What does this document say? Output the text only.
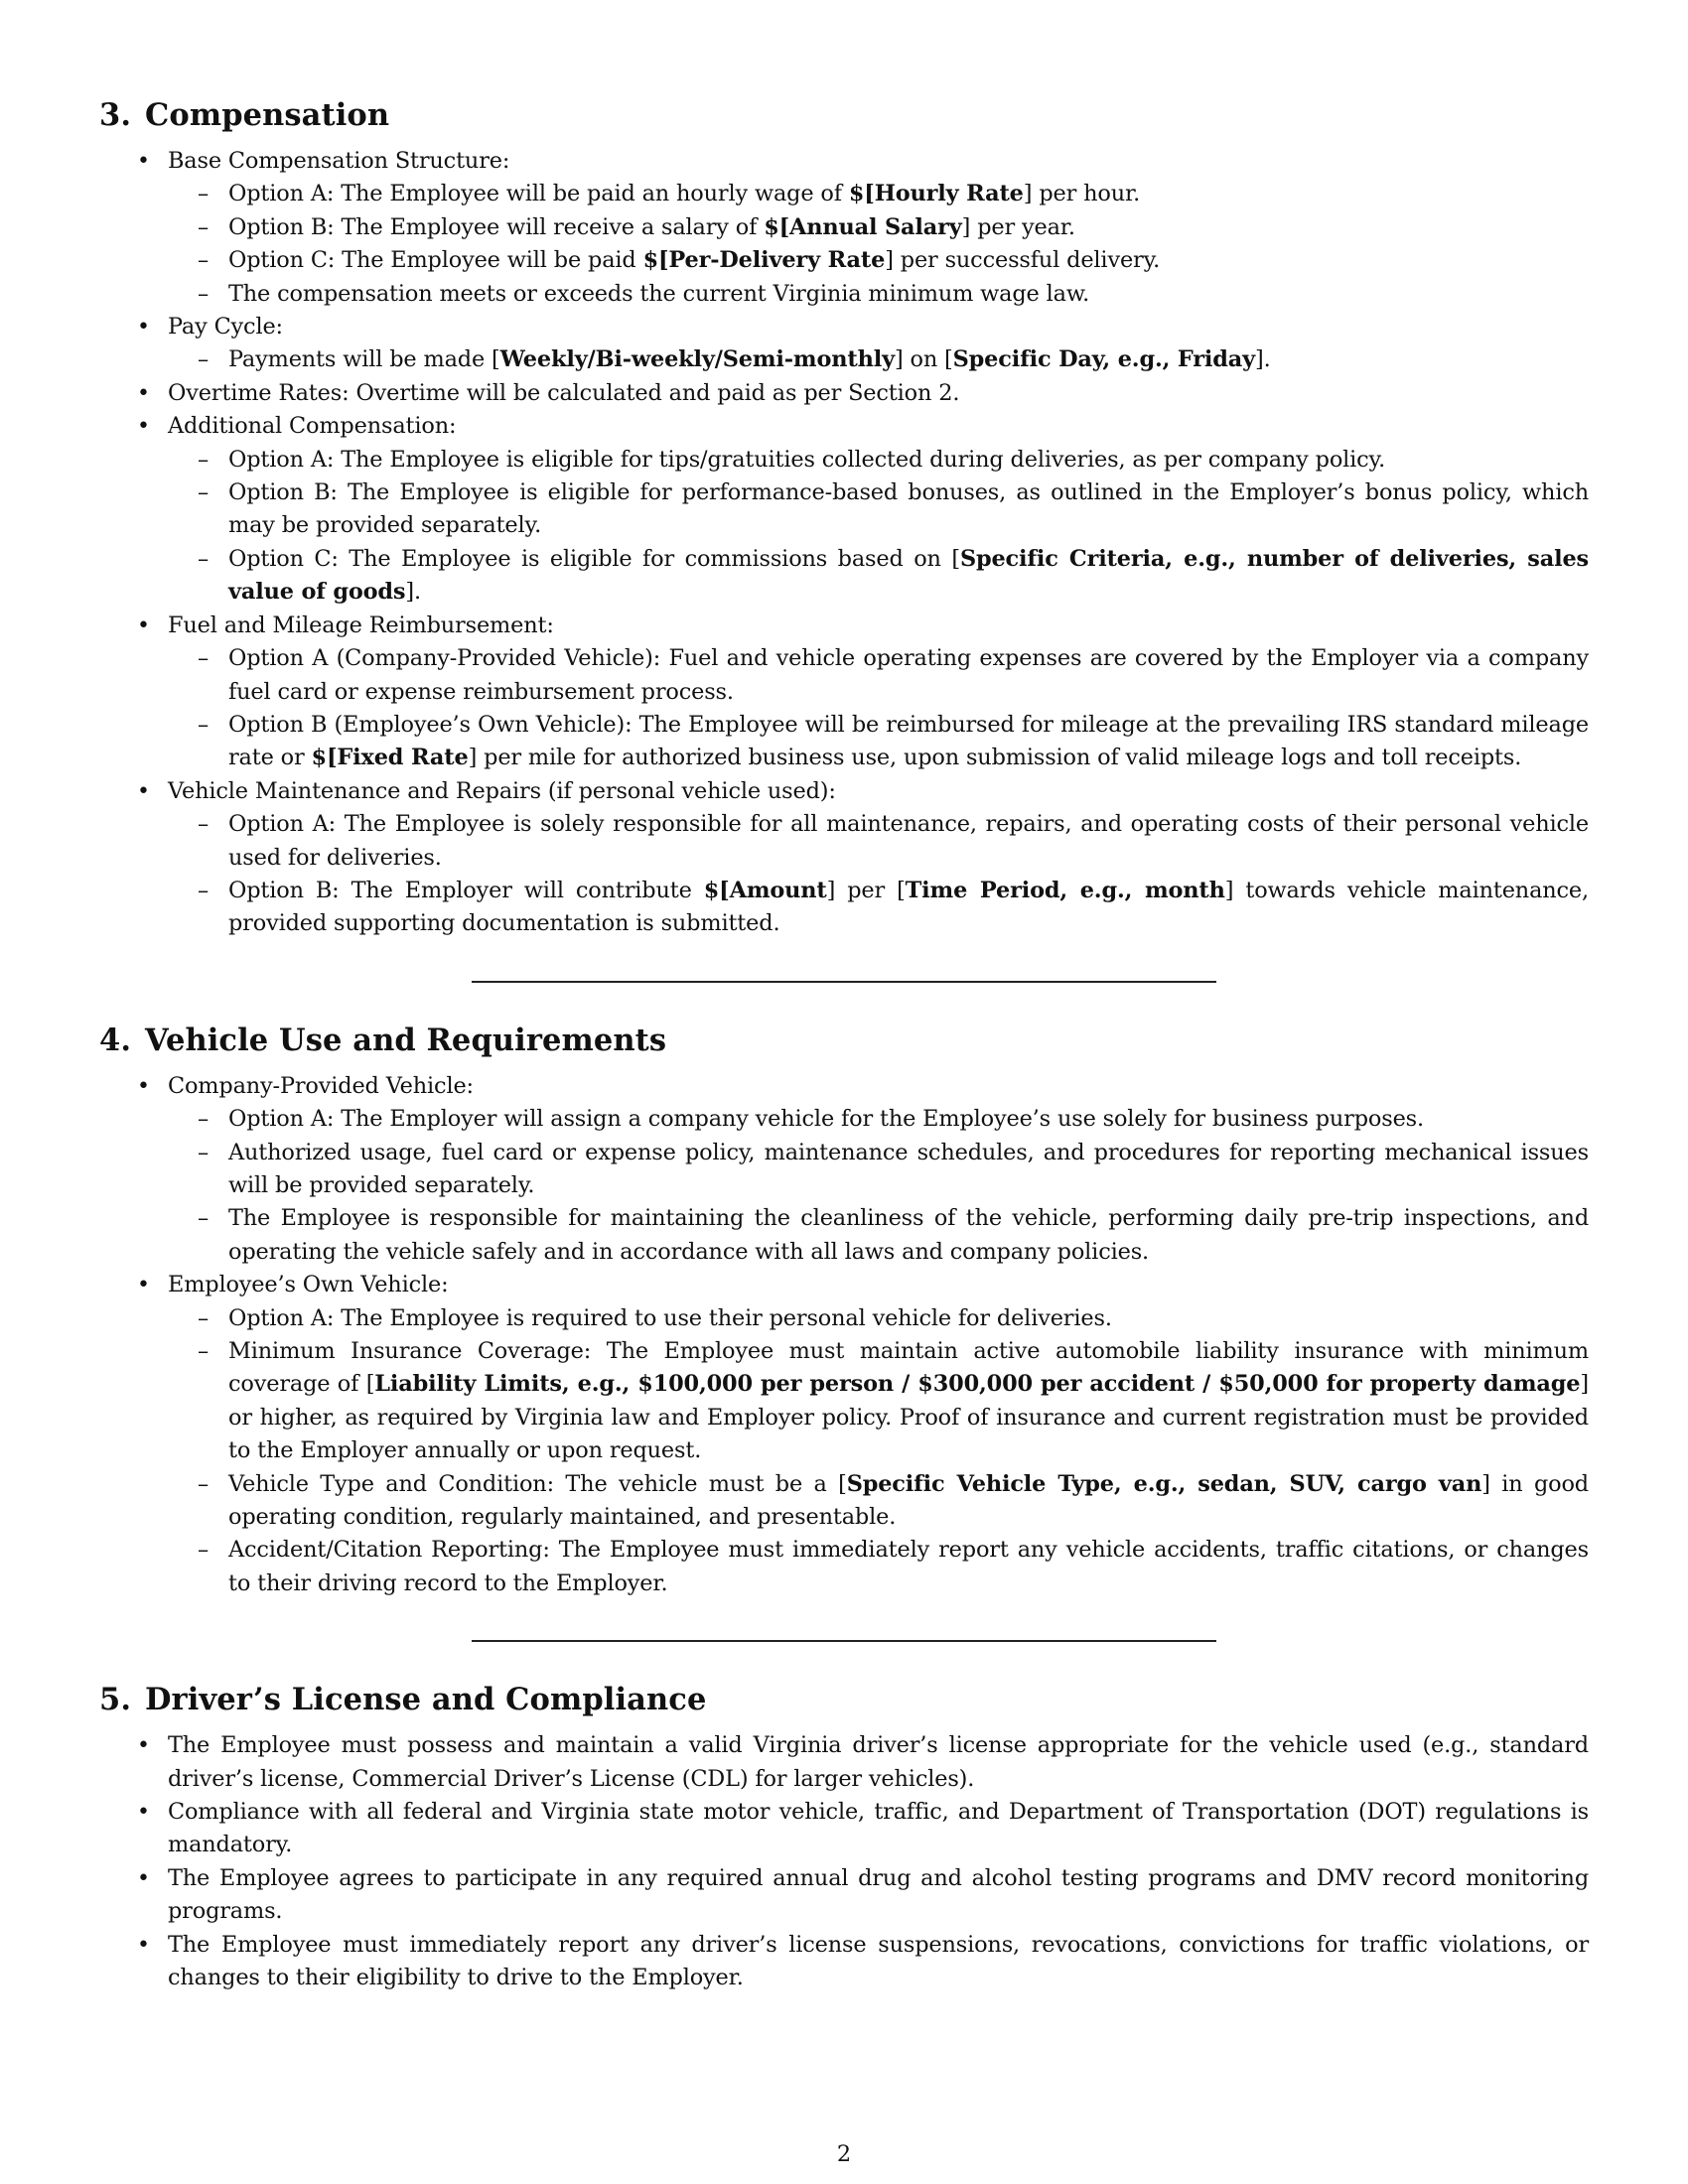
3. Compensation
• Base Compensation Structure:
– Option A: The Employee will be paid an hourly wage of $[Hourly Rate] per hour.
– Option B: The Employee will receive a salary of $[Annual Salary] per year.
– Option C: The Employee will be paid $[Per-Delivery Rate] per successful delivery.
– The compensation meets or exceeds the current Virginia minimum wage law.
• Pay Cycle:
– Payments will be made [Weekly/Bi-weekly/Semi-monthly] on [Specific Day, e.g., Friday].
• Overtime Rates: Overtime will be calculated and paid as per Section 2.
• Additional Compensation:
– Option A: The Employee is eligible for tips/gratuities collected during deliveries, as per company policy.
– Option B: The Employee is eligible for performance-based bonuses, as outlined in the Employer’s bonus policy, which may be provided separately.
– Option C: The Employee is eligible for commissions based on [Specific Criteria, e.g., number of deliveries, sales value of goods].
• Fuel and Mileage Reimbursement:
– Option A (Company-Provided Vehicle): Fuel and vehicle operating expenses are covered by the Employer via a company fuel card or expense reimbursement process.
– Option B (Employee’s Own Vehicle): The Employee will be reimbursed for mileage at the prevailing IRS standard mileage rate or $[Fixed Rate] per mile for authorized business use, upon submission of valid mileage logs and toll receipts.
• Vehicle Maintenance and Repairs (if personal vehicle used):
– Option A: The Employee is solely responsible for all maintenance, repairs, and operating costs of their personal vehicle used for deliveries.
– Option B: The Employer will contribute $[Amount] per [Time Period, e.g., month] towards vehicle maintenance, provided supporting documentation is submitted.
4. Vehicle Use and Requirements
• Company-Provided Vehicle:
– Option A: The Employer will assign a company vehicle for the Employee’s use solely for business purposes.
– Authorized usage, fuel card or expense policy, maintenance schedules, and procedures for reporting mechanical issues will be provided separately.
– The Employee is responsible for maintaining the cleanliness of the vehicle, performing daily pre-trip inspections, and operating the vehicle safely and in accordance with all laws and company policies.
• Employee’s Own Vehicle:
– Option A: The Employee is required to use their personal vehicle for deliveries.
– Minimum Insurance Coverage: The Employee must maintain active automobile liability insurance with minimum coverage of [Liability Limits, e.g., $100,000 per person / $300,000 per accident / $50,000 for property damage] or higher, as required by Virginia law and Employer policy. Proof of insurance and current registration must be provided to the Employer annually or upon request.
– Vehicle Type and Condition: The vehicle must be a [Specific Vehicle Type, e.g., sedan, SUV, cargo van] in good operating condition, regularly maintained, and presentable.
– Accident/Citation Reporting: The Employee must immediately report any vehicle accidents, traffic citations, or changes to their driving record to the Employer.
5. Driver’s License and Compliance
• The Employee must possess and maintain a valid Virginia driver’s license appropriate for the vehicle used (e.g., standard driver’s license, Commercial Driver’s License (CDL) for larger vehicles).
• Compliance with all federal and Virginia state motor vehicle, traffic, and Department of Transportation (DOT) regulations is mandatory.
• The Employee agrees to participate in any required annual drug and alcohol testing programs and DMV record monitoring programs.
• The Employee must immediately report any driver’s license suspensions, revocations, convictions for traffic violations, or changes to their eligibility to drive to the Employer.
2
